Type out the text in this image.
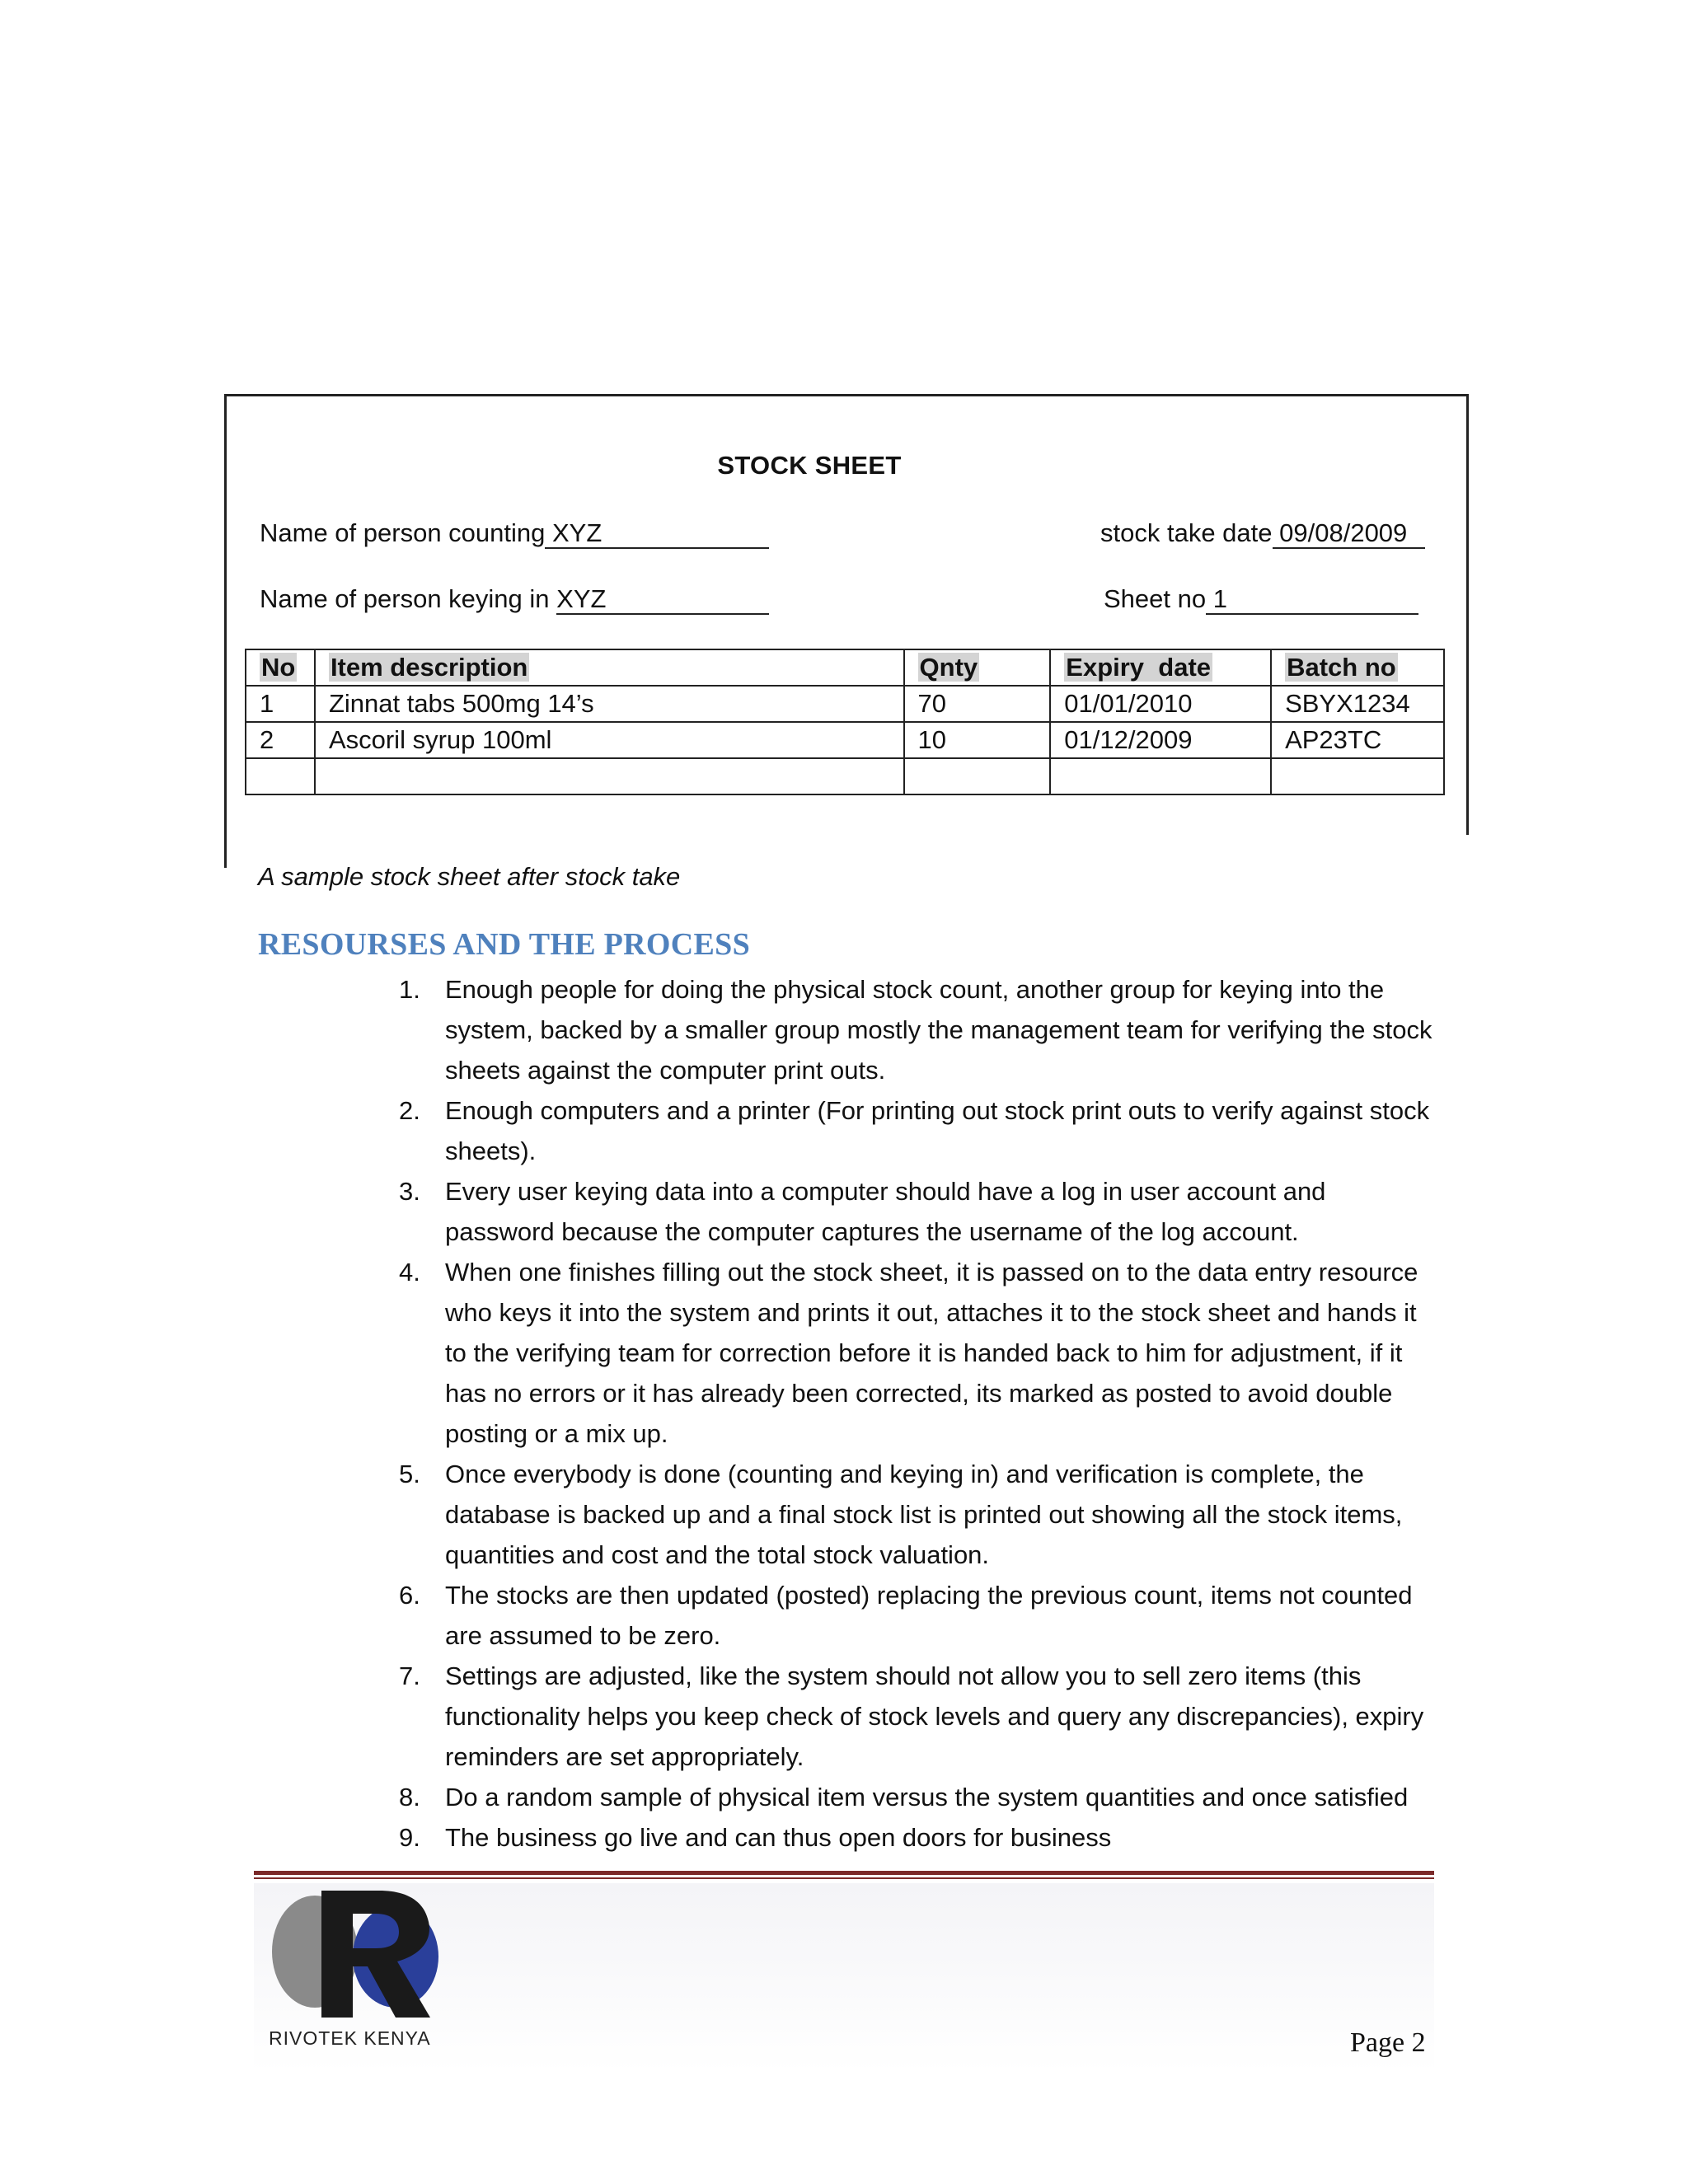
STOCK SHEET
Name of person counting XYZ	stock take date 09/08/2009
Name of person keying in XYZ	Sheet no 1
No	Item description	Qnty	Expiry  date	Batch no
1	Zinnat tabs 500mg 14’s	70	01/01/2010	SBYX1234
2	Ascoril syrup 100ml	10	01/12/2009	AP23TC

A sample stock sheet after stock take
RESOURSES AND THE PROCESS
1. Enough people for doing the physical stock count, another group for keying into the system, backed by a smaller group mostly the management team for verifying the stock sheets against the computer print outs.
2. Enough computers and a printer (For printing out stock print outs to verify against stock sheets).
3. Every user keying data into a computer should have a log in user account and password because the computer captures the username of the log account.
4. When one finishes filling out the stock sheet, it is passed on to the data entry resource who keys it into the system and prints it out, attaches it to the stock sheet and hands it to the verifying team for correction before it is handed back to him for adjustment, if it has no errors or it has already been corrected, its marked as posted to avoid double posting or a mix up.
5. Once everybody is done (counting and keying in) and verification is complete, the database is backed up and a final stock list is printed out showing all the stock items, quantities and cost and the total stock valuation.
6. The stocks are then updated (posted) replacing the previous count, items not counted are assumed to be zero.
7. Settings are adjusted, like the system should not allow you to sell zero items (this functionality helps you keep check of stock levels and query any discrepancies), expiry reminders are set appropriately.
8. Do a random sample of physical item versus the system quantities and once satisfied
9. The business go live and can thus open doors for business
RIVOTEK KENYA	Page 2
